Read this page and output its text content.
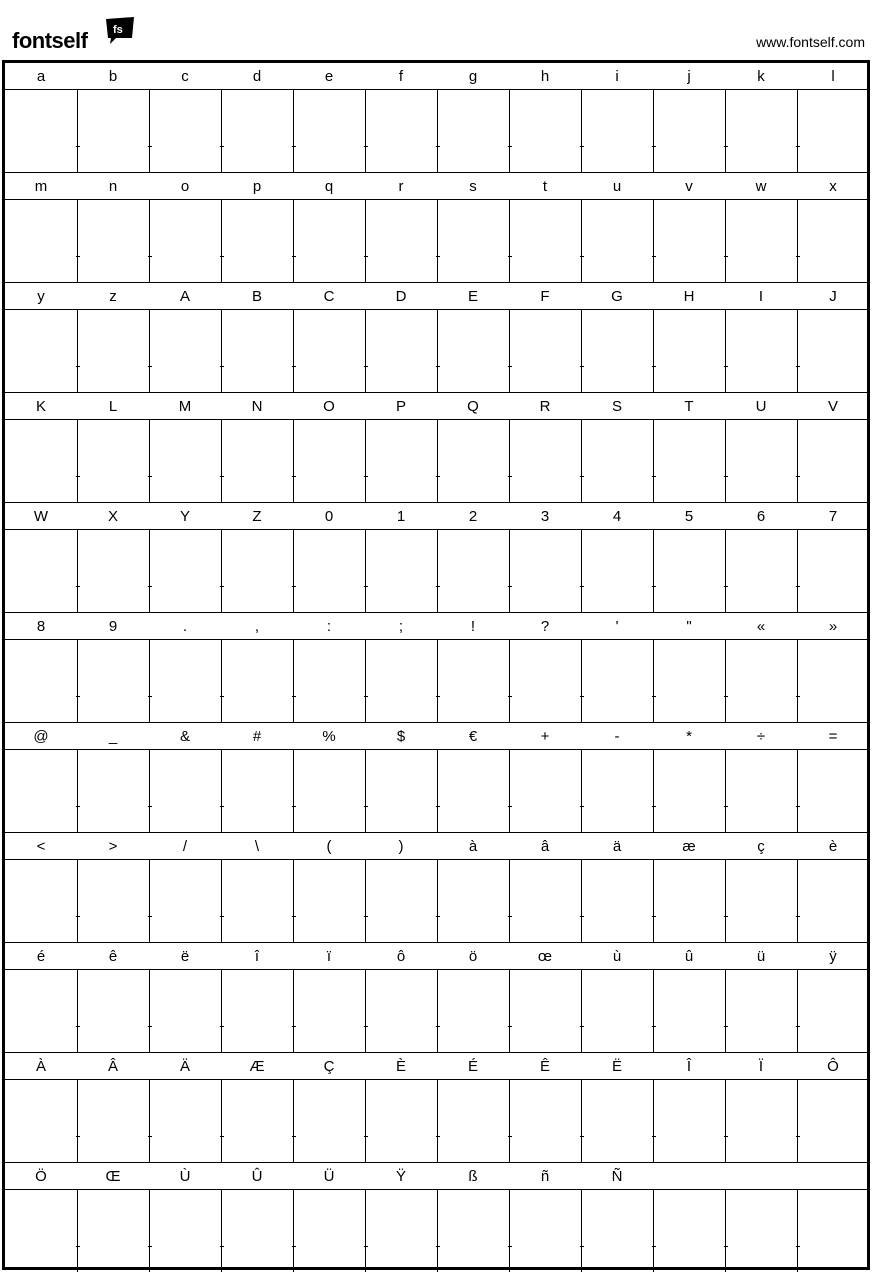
fontself fs
www.fontself.com
a	b	c	d	e	f	g	h	i	j	k	l
m	n	o	p	q	r	s	t	u	v	w	x
y	z	A	B	C	D	E	F	G	H	I	J
K	L	M	N	O	P	Q	R	S	T	U	V
W	X	Y	Z	0	1	2	3	4	5	6	7
8	9	.	,	:	;	!	?	'	"	«	»
@	_	&	#	%	$	€	+	-	*	÷	=
<	>	/	\	(	)	à	â	ä	æ	ç	è
é	ê	ë	î	ï	ô	ö	œ	ù	û	ü	ÿ
À	Â	Ä	Æ	Ç	È	É	Ê	Ë	Î	Ï	Ô
Ö	Œ	Ù	Û	Ü	Ÿ	ß	ñ	Ñ
